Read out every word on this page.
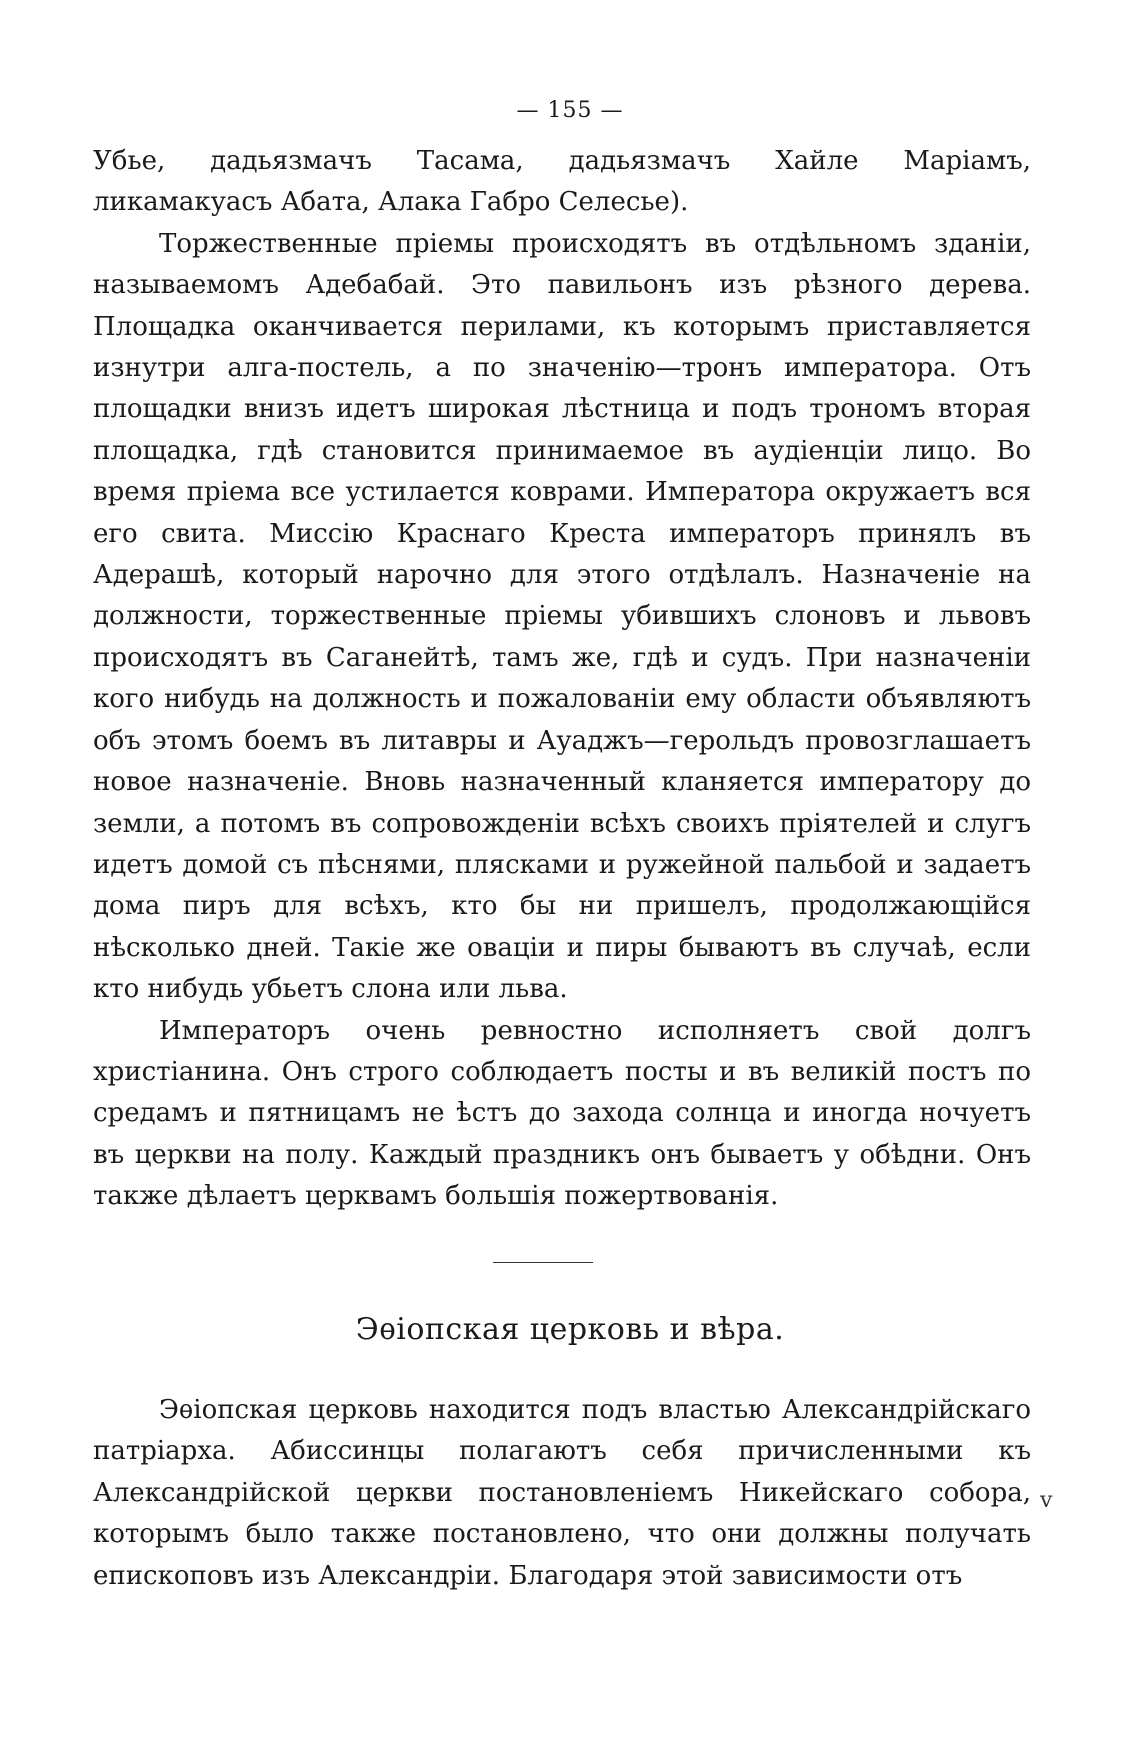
— 155 —

Убье, дадьязмачъ Тасама, дадьязмачъ Хайле Маріамъ, ликамакуасъ Абата, Алака Габро Селесье).

Торжественные пріемы происходятъ въ отдѣльномъ зданіи, называемомъ Адебабай. Это павильонъ изъ рѣзного дерева. Площадка оканчивается перилами, къ которымъ приставляется изнутри алга-постель, а по значенію—тронъ императора. Отъ площадки внизъ идетъ широкая лѣстница и подъ трономъ вторая площадка, гдѣ становится принимаемое въ аудіенціи лицо. Во время пріема все устилается коврами. Императора окружаетъ вся его свита. Миссію Краснаго Креста императоръ принялъ въ Адерашѣ, который нарочно для этого отдѣлалъ. Назначеніе на должности, торжественные пріемы убившихъ слоновъ и львовъ происходятъ въ Саганейтѣ, тамъ же, гдѣ и судъ. При назначеніи кого нибудь на должность и пожалованіи ему области объявляютъ объ этомъ боемъ въ литавры и Ауаджъ—герольдъ провозглашаетъ новое назначеніе. Вновь назначенный кланяется императору до земли, а потомъ въ сопровожденіи всѣхъ своихъ пріятелей и слугъ идетъ домой съ пѣснями, плясками и ружейной пальбой и задаетъ дома пиръ для всѣхъ, кто бы ни пришелъ, продолжающійся нѣсколько дней. Такіе же оваціи и пиры бываютъ въ случаѣ, если кто нибудь убьетъ слона или льва.

Императоръ очень ревностно исполняетъ свой долгъ христіанина. Онъ строго соблюдаетъ посты и въ великій постъ по средамъ и пятницамъ не ѣстъ до захода солнца и иногда ночуетъ въ церкви на полу. Каждый праздникъ онъ бываетъ у обѣдни. Онъ также дѣлаетъ церквамъ большія пожертвованія.

Эѳіопская церковь и вѣра.

Эѳіопская церковь находится подъ властью Александрійскаго патріарха. Абиссинцы полагаютъ себя причисленными къ Александрійской церкви постановленіемъ Никейскаго собора, которымъ было также постановлено, что они должны получать епископовъ изъ Александріи. Благодаря этой зависимости отъ

v
